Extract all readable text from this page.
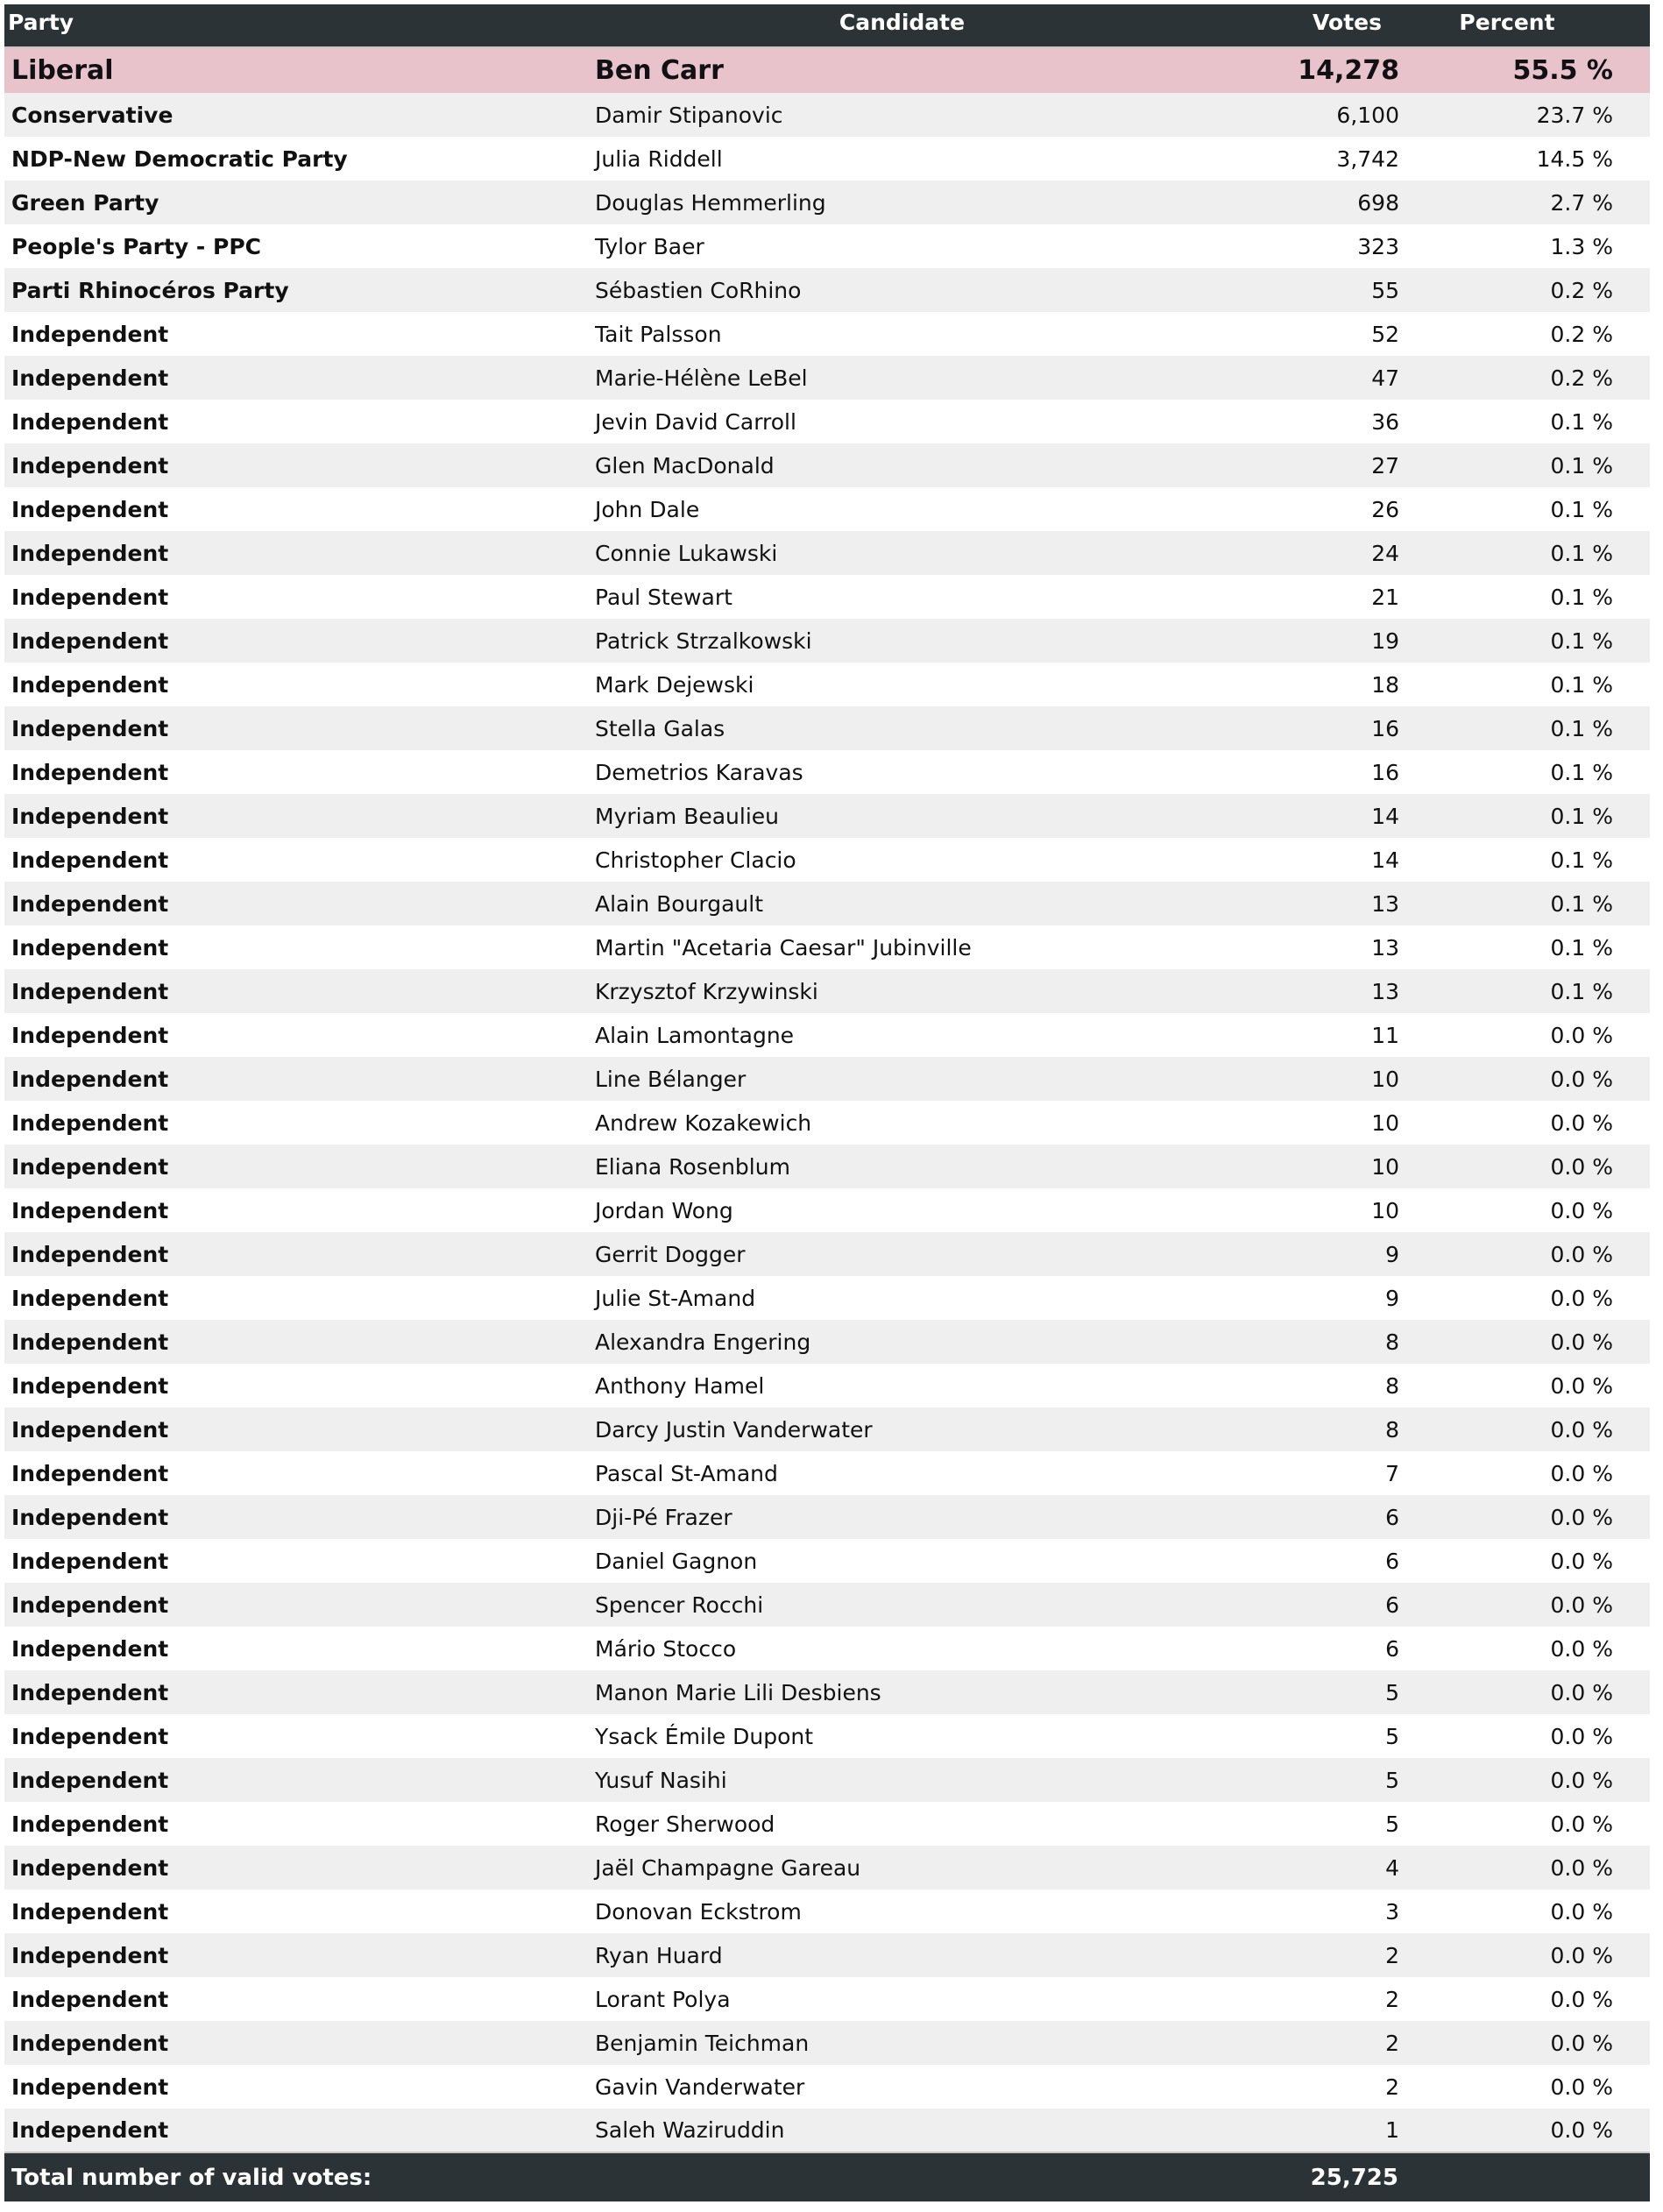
Party	Candidate	Votes	Percent
Liberal	Ben Carr	14,278	55.5 %
Conservative	Damir Stipanovic	6,100	23.7 %
NDP-New Democratic Party	Julia Riddell	3,742	14.5 %
Green Party	Douglas Hemmerling	698	2.7 %
People's Party - PPC	Tylor Baer	323	1.3 %
Parti Rhinocéros Party	Sébastien CoRhino	55	0.2 %
Independent	Tait Palsson	52	0.2 %
Independent	Marie-Hélène LeBel	47	0.2 %
Independent	Jevin David Carroll	36	0.1 %
Independent	Glen MacDonald	27	0.1 %
Independent	John Dale	26	0.1 %
Independent	Connie Lukawski	24	0.1 %
Independent	Paul Stewart	21	0.1 %
Independent	Patrick Strzalkowski	19	0.1 %
Independent	Mark Dejewski	18	0.1 %
Independent	Stella Galas	16	0.1 %
Independent	Demetrios Karavas	16	0.1 %
Independent	Myriam Beaulieu	14	0.1 %
Independent	Christopher Clacio	14	0.1 %
Independent	Alain Bourgault	13	0.1 %
Independent	Martin "Acetaria Caesar" Jubinville	13	0.1 %
Independent	Krzysztof Krzywinski	13	0.1 %
Independent	Alain Lamontagne	11	0.0 %
Independent	Line Bélanger	10	0.0 %
Independent	Andrew Kozakewich	10	0.0 %
Independent	Eliana Rosenblum	10	0.0 %
Independent	Jordan Wong	10	0.0 %
Independent	Gerrit Dogger	9	0.0 %
Independent	Julie St-Amand	9	0.0 %
Independent	Alexandra Engering	8	0.0 %
Independent	Anthony Hamel	8	0.0 %
Independent	Darcy Justin Vanderwater	8	0.0 %
Independent	Pascal St-Amand	7	0.0 %
Independent	Dji-Pé Frazer	6	0.0 %
Independent	Daniel Gagnon	6	0.0 %
Independent	Spencer Rocchi	6	0.0 %
Independent	Mário Stocco	6	0.0 %
Independent	Manon Marie Lili Desbiens	5	0.0 %
Independent	Ysack Émile Dupont	5	0.0 %
Independent	Yusuf Nasihi	5	0.0 %
Independent	Roger Sherwood	5	0.0 %
Independent	Jaël Champagne Gareau	4	0.0 %
Independent	Donovan Eckstrom	3	0.0 %
Independent	Ryan Huard	2	0.0 %
Independent	Lorant Polya	2	0.0 %
Independent	Benjamin Teichman	2	0.0 %
Independent	Gavin Vanderwater	2	0.0 %
Independent	Saleh Waziruddin	1	0.0 %
Total number of valid votes:		25,725	
